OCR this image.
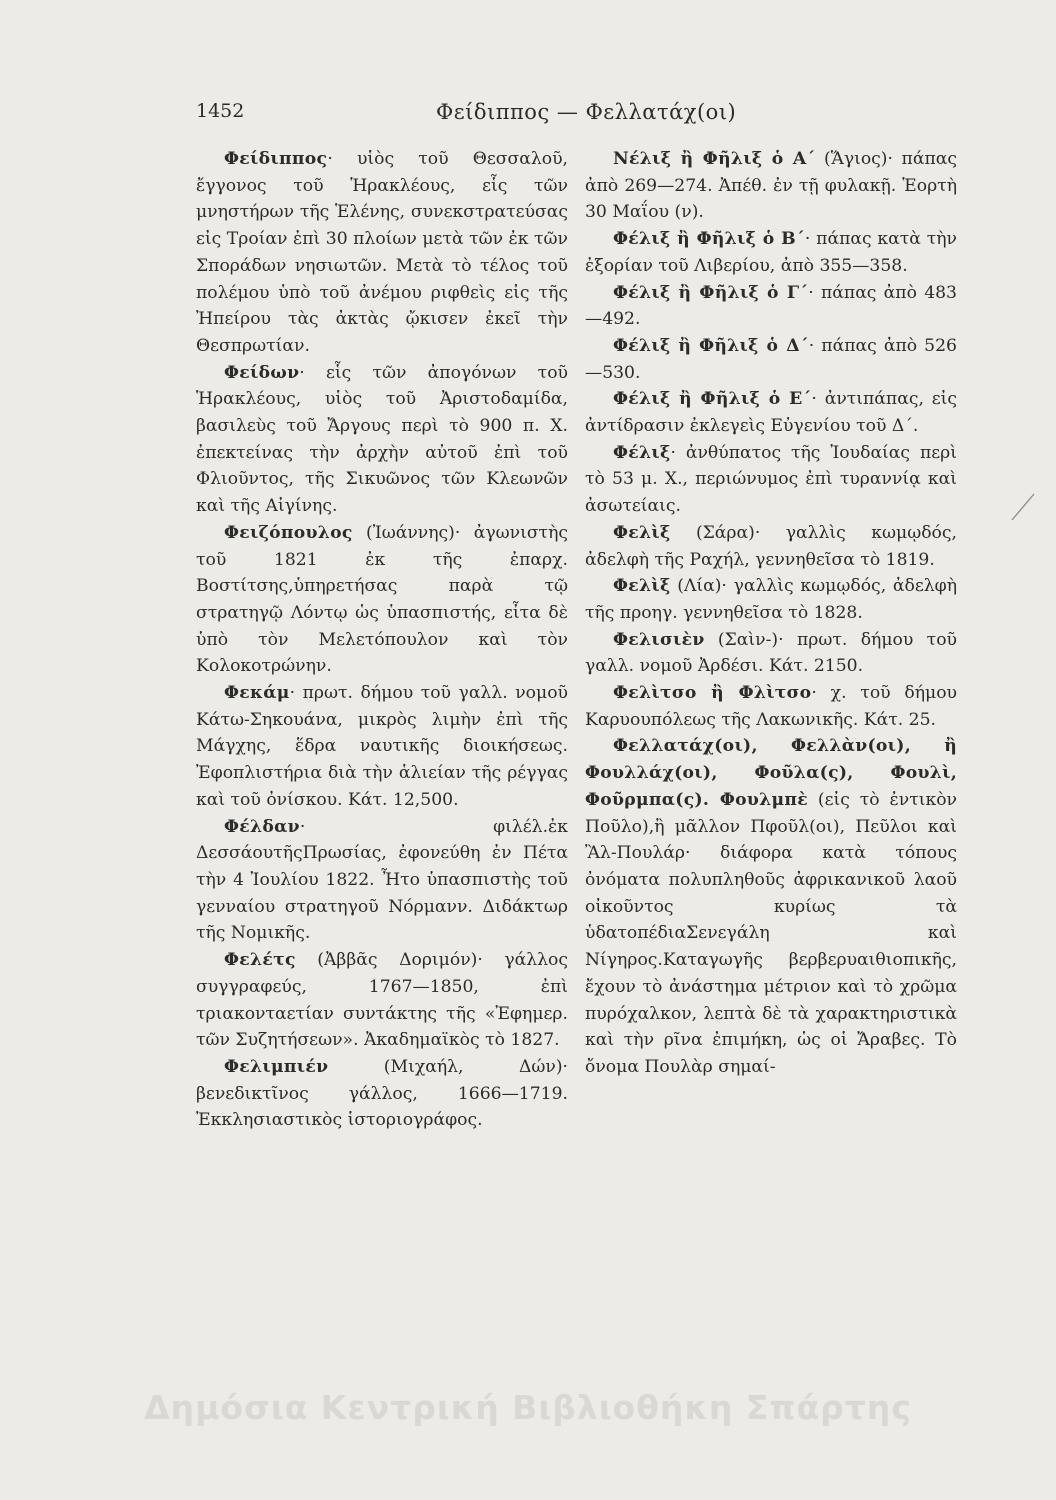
1452	Φείδιππος — Φελλατάχ(οι)

Φείδιππος· υἱὸς τοῦ Θεσσαλοῦ, ἔγγονος τοῦ Ἡρακλέους, εἷς τῶν μνηστήρων τῆς Ἑλένης, συνεκστρατεύσας εἰς Τροίαν ἐπὶ 30 πλοίων μετὰ τῶν ἐκ τῶν Σποράδων νησιωτῶν. Μετὰ τὸ τέλος τοῦ πολέμου ὑπὸ τοῦ ἀνέμου ριφθεὶς εἰς τῆς Ἠπείρου τὰς ἀκτὰς ᾤκισεν ἐκεῖ τὴν Θεσπρωτίαν.

Φείδων· εἷς τῶν ἀπογόνων τοῦ Ἡρακλέους, υἱὸς τοῦ Ἀριστοδαμίδα, βασιλεὺς τοῦ Ἄργους περὶ τὸ 900 π. Χ. ἐπεκτείνας τὴν ἀρχὴν αὐτοῦ ἐπὶ τοῦ Φλιοῦντος, τῆς Σικυῶνος τῶν Κλεωνῶν καὶ τῆς Αἰγίνης.

Φειζόπουλος (Ἰωάννης)· ἀγωνιστὴς τοῦ 1821 ἐκ τῆς ἐπαρχ. Βοστίτσης,ὑπηρετήσας παρὰ τῷ στρατηγῷ Λόντῳ ὡς ὑπασπιστής, εἶτα δὲ ὑπὸ τὸν Μελετόπουλον καὶ τὸν Κολοκοτρώνην.

Φεκάμ· πρωτ. δήμου τοῦ γαλλ. νομοῦ Κάτω-Σηκουάνα, μικρὸς λιμὴν ἐπὶ τῆς Μάγχης, ἕδρα ναυτικῆς διοικήσεως. Ἐφοπλιστήρια διὰ τὴν ἁλιείαν τῆς ρέγγας καὶ τοῦ ὀνίσκου. Κάτ. 12,500.

Φέλδαν· φιλέλ.ἐκ ΔεσσάουτῆςΠρωσίας, ἐφονεύθη ἐν Πέτα τὴν 4 Ἰουλίου 1822. Ἦτο ὑπασπιστὴς τοῦ γενναίου στρατηγοῦ Νόρμανν. Διδάκτωρ τῆς Νομικῆς.

Φελέτς (Ἀββᾶς Δοριμόν)· γάλλος συγγραφεύς, 1767—1850, ἐπὶ τριακονταετίαν συντάκτης τῆς «Ἐφημερ. τῶν Συζητήσεων». Ἀκαδημαϊκὸς τὸ 1827.

Φελιμπιέν (Μιχαήλ, Δών)· βενεδικτῖνος γάλλος, 1666—1719. Ἐκκλησιαστικὸς ἱστοριογράφος.

Νέλιξ ἢ Φῆλιξ ὁ Α΄ (Ἅγιος)· πάπας ἀπὸ 269—274. Ἀπέθ. ἐν τῇ φυλακῇ. Ἑορτὴ 30 Μαΐου (ν).

Φέλιξ ἢ Φῆλιξ ὁ Β΄· πάπας κατὰ τὴν ἐξορίαν τοῦ Λιβερίου, ἀπὸ 355—358.

Φέλιξ ἢ Φῆλιξ ὁ Γ΄· πάπας ἀπὸ 483—492.

Φέλιξ ἢ Φῆλιξ ὁ Δ΄· πάπας ἀπὸ 526—530.

Φέλιξ ἢ Φῆλιξ ὁ Ε΄· ἀντιπάπας, εἰς ἀντίδρασιν ἐκλεγεὶς Εὐγενίου τοῦ Δ΄.

Φέλιξ· ἀνθύπατος τῆς Ἰουδαίας περὶ τὸ 53 μ. Χ., περιώνυμος ἐπὶ τυραννίᾳ καὶ ἀσωτείαις.

Φελὶξ (Σάρα)· γαλλὶς κωμῳδός, ἀδελφὴ τῆς Ραχήλ, γεννηθεῖσα τὸ 1819.

Φελὶξ (Λία)· γαλλὶς κωμῳδός, ἀδελφὴ τῆς προηγ. γεννηθεῖσα τὸ 1828.

Φελισιὲν (Σαὶν-)· πρωτ. δήμου τοῦ γαλλ. νομοῦ Ἀρδέσι. Κάτ. 2150.

Φελὶτσο ἢ Φλὶτσο· χ. τοῦ δήμου Καρυουπόλεως τῆς Λακωνικῆς. Κάτ. 25.

Φελλατάχ(οι), Φελλὰν(οι), ἢ Φουλλάχ(οι), Φοῦλα(ς), Φουλὶ, Φοῦρμπα(ς). Φουλμπὲ (εἰς τὸ ἐντικὸν Ποῦλο),ἢ μᾶλλον Πφοῦλ(οι), Πεῦλοι καὶ Ἂλ-Πουλάρ· διάφορα κατὰ τόπους ὀνόματα πολυπληθοῦς ἀφρικανικοῦ λαοῦ οἰκοῦντος κυρίως τὰ ὑδατοπέδιαΣενεγάλη καὶ Νίγηρος.Καταγωγῆς βερβερυαιθιοπικῆς, ἔχουν τὸ ἀνάστημα μέτριον καὶ τὸ χρῶμα πυρόχαλκον, λεπτὰ δὲ τὰ χαρακτηριστικὰ καὶ τὴν ρῖνα ἐπιμήκη, ὡς οἱ Ἄραβες. Τὸ ὄνομα Πουλὰρ σημαί-

Δημόσια Κεντρική Βιβλιοθήκη Σπάρτης
